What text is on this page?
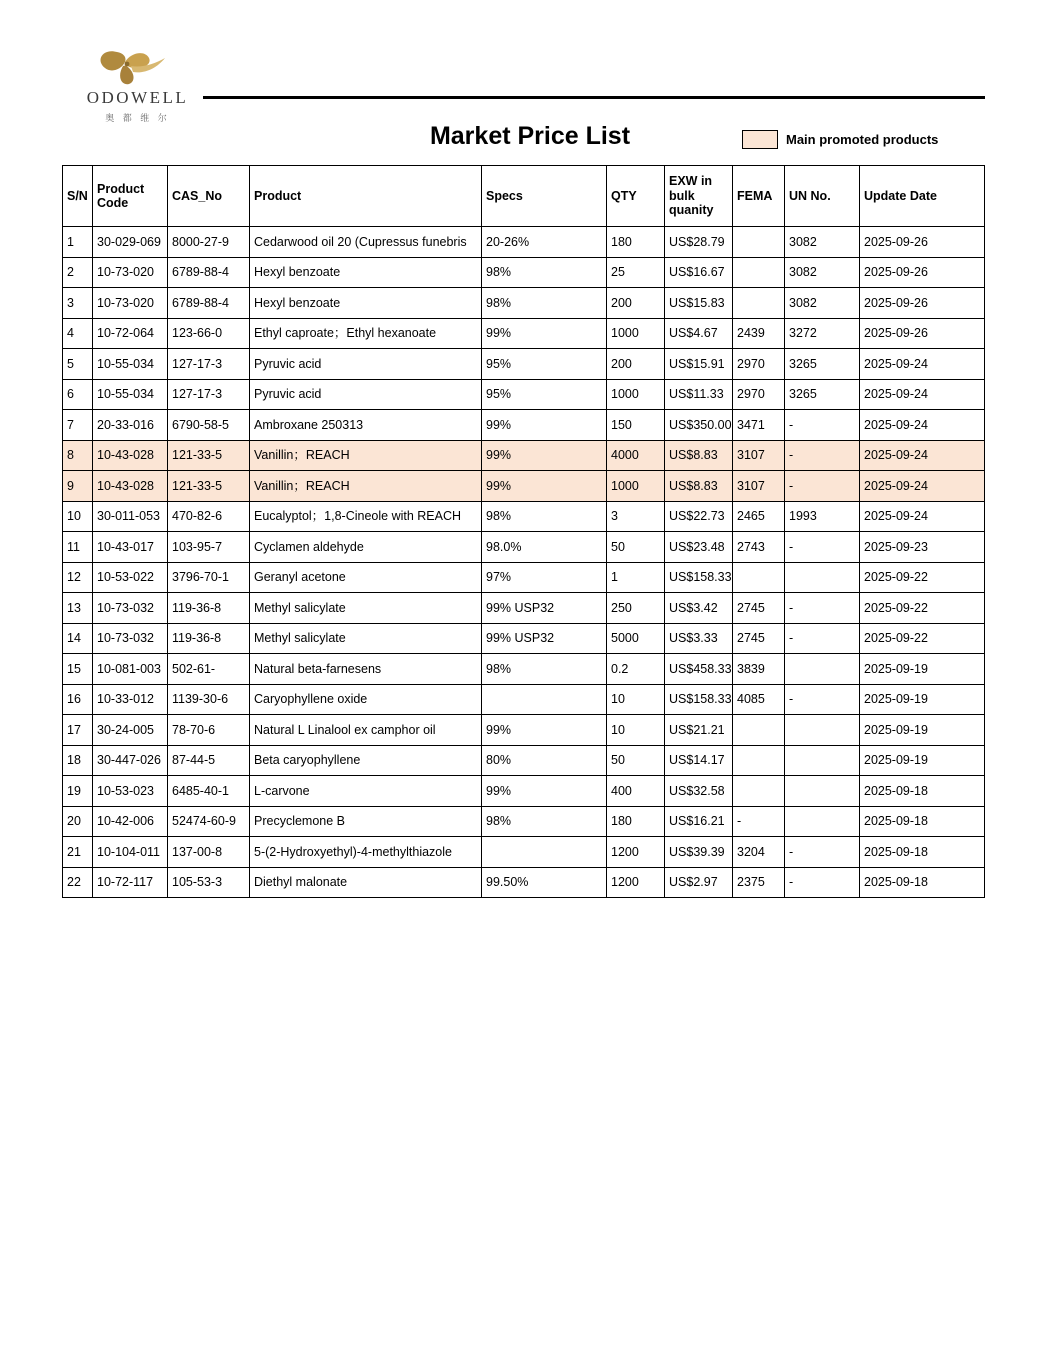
ODOWELL
奥 都 维 尔
Market Price List	Main promoted products
S/N	Product Code	CAS_No	Product	Specs	QTY	EXW in bulk quanity	FEMA	UN No.	Update Date
1	30-029-069	8000-27-9	Cedarwood oil 20 (Cupressus funebris	20-26%	180	US$28.79		3082	2025-09-26
2	10-73-020	6789-88-4	Hexyl benzoate	98%	25	US$16.67		3082	2025-09-26
3	10-73-020	6789-88-4	Hexyl benzoate	98%	200	US$15.83		3082	2025-09-26
4	10-72-064	123-66-0	Ethyl caproate；Ethyl hexanoate	99%	1000	US$4.67	2439	3272	2025-09-26
5	10-55-034	127-17-3	Pyruvic acid	95%	200	US$15.91	2970	3265	2025-09-24
6	10-55-034	127-17-3	Pyruvic acid	95%	1000	US$11.33	2970	3265	2025-09-24
7	20-33-016	6790-58-5	Ambroxane 250313	99%	150	US$350.00	3471	-	2025-09-24
8	10-43-028	121-33-5	Vanillin；REACH	99%	4000	US$8.83	3107	-	2025-09-24
9	10-43-028	121-33-5	Vanillin；REACH	99%	1000	US$8.83	3107	-	2025-09-24
10	30-011-053	470-82-6	Eucalyptol；1,8-Cineole with REACH	98%	3	US$22.73	2465	1993	2025-09-24
11	10-43-017	103-95-7	Cyclamen aldehyde	98.0%	50	US$23.48	2743	-	2025-09-23
12	10-53-022	3796-70-1	Geranyl acetone	97%	1	US$158.33			2025-09-22
13	10-73-032	119-36-8	Methyl salicylate	99% USP32	250	US$3.42	2745	-	2025-09-22
14	10-73-032	119-36-8	Methyl salicylate	99% USP32	5000	US$3.33	2745	-	2025-09-22
15	10-081-003	502-61-	Natural beta-farnesens	98%	0.2	US$458.33	3839		2025-09-19
16	10-33-012	1139-30-6	Caryophyllene oxide		10	US$158.33	4085	-	2025-09-19
17	30-24-005	78-70-6	Natural L Linalool ex camphor oil	99%	10	US$21.21			2025-09-19
18	30-447-026	87-44-5	Beta caryophyllene	80%	50	US$14.17			2025-09-19
19	10-53-023	6485-40-1	L-carvone	99%	400	US$32.58			2025-09-18
20	10-42-006	52474-60-9	Precyclemone B	98%	180	US$16.21	-		2025-09-18
21	10-104-011	137-00-8	5-(2-Hydroxyethyl)-4-methylthiazole		1200	US$39.39	3204	-	2025-09-18
22	10-72-117	105-53-3	Diethyl malonate	99.50%	1200	US$2.97	2375	-	2025-09-18
